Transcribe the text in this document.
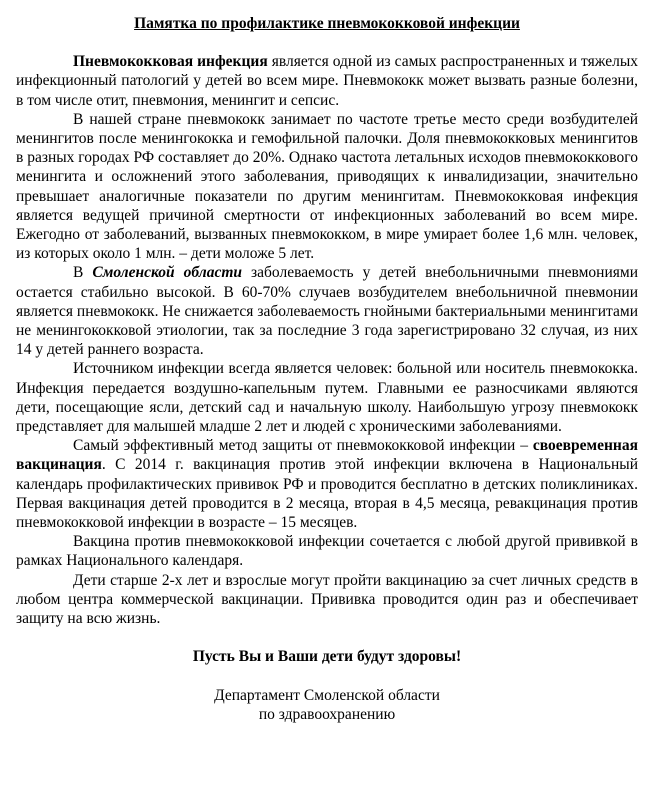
Памятка по профилактике пневмококковой инфекции

Пневмококковая инфекция является одной из самых распространенных и тяжелых инфекционный патологий у детей во всем мире. Пневмококк может вызвать разные болезни, в том числе отит, пневмония, менингит и сепсис.

В нашей стране пневмококк занимает по частоте третье место среди возбудителей менингитов после менингококка и гемофильной палочки. Доля пневмококковых менингитов в разных городах РФ составляет до 20%. Однако частота летальных исходов пневмококкового менингита и осложнений этого заболевания, приводящих к инвалидизации, значительно превышает аналогичные показатели по другим менингитам. Пневмококковая инфекция является ведущей причиной смертности от инфекционных заболеваний во всем мире. Ежегодно от заболеваний, вызванных пневмококком, в мире умирает более 1,6 млн. человек, из которых около 1 млн. – дети моложе 5 лет.

В Смоленской области заболеваемость у детей внебольничными пневмониями остается стабильно высокой. В 60-70% случаев возбудителем внебольничной пневмонии является пневмококк. Не снижается заболеваемость гнойными бактериальными менингитами не менингококковой этиологии, так за последние 3 года зарегистрировано 32 случая, из них 14 у детей раннего возраста.

Источником инфекции всегда является человек: больной или носитель пневмококка. Инфекция передается воздушно-капельным путем. Главными ее разносчиками являются дети, посещающие ясли, детский сад и начальную школу. Наибольшую угрозу пневмококк представляет для малышей младше 2 лет и людей с хроническими заболеваниями.

Самый эффективный метод защиты от пневмококковой инфекции – своевременная вакцинация. С 2014 г. вакцинация против этой инфекции включена в Национальный календарь профилактических прививок РФ и проводится бесплатно в детских поликлиниках. Первая вакцинация детей проводится в 2 месяца, вторая в 4,5 месяца, ревакцинация против пневмококковой инфекции в возрасте – 15 месяцев.

Вакцина против пневмококковой инфекции сочетается с любой другой прививкой в рамках Национального календаря.

Дети старше 2-х лет и взрослые могут пройти вакцинацию за счет личных средств в любом центра коммерческой вакцинации. Прививка проводится один раз и обеспечивает защиту на всю жизнь.

Пусть Вы и Ваши дети будут здоровы!
Департамент Смоленской области
по здравоохранению
